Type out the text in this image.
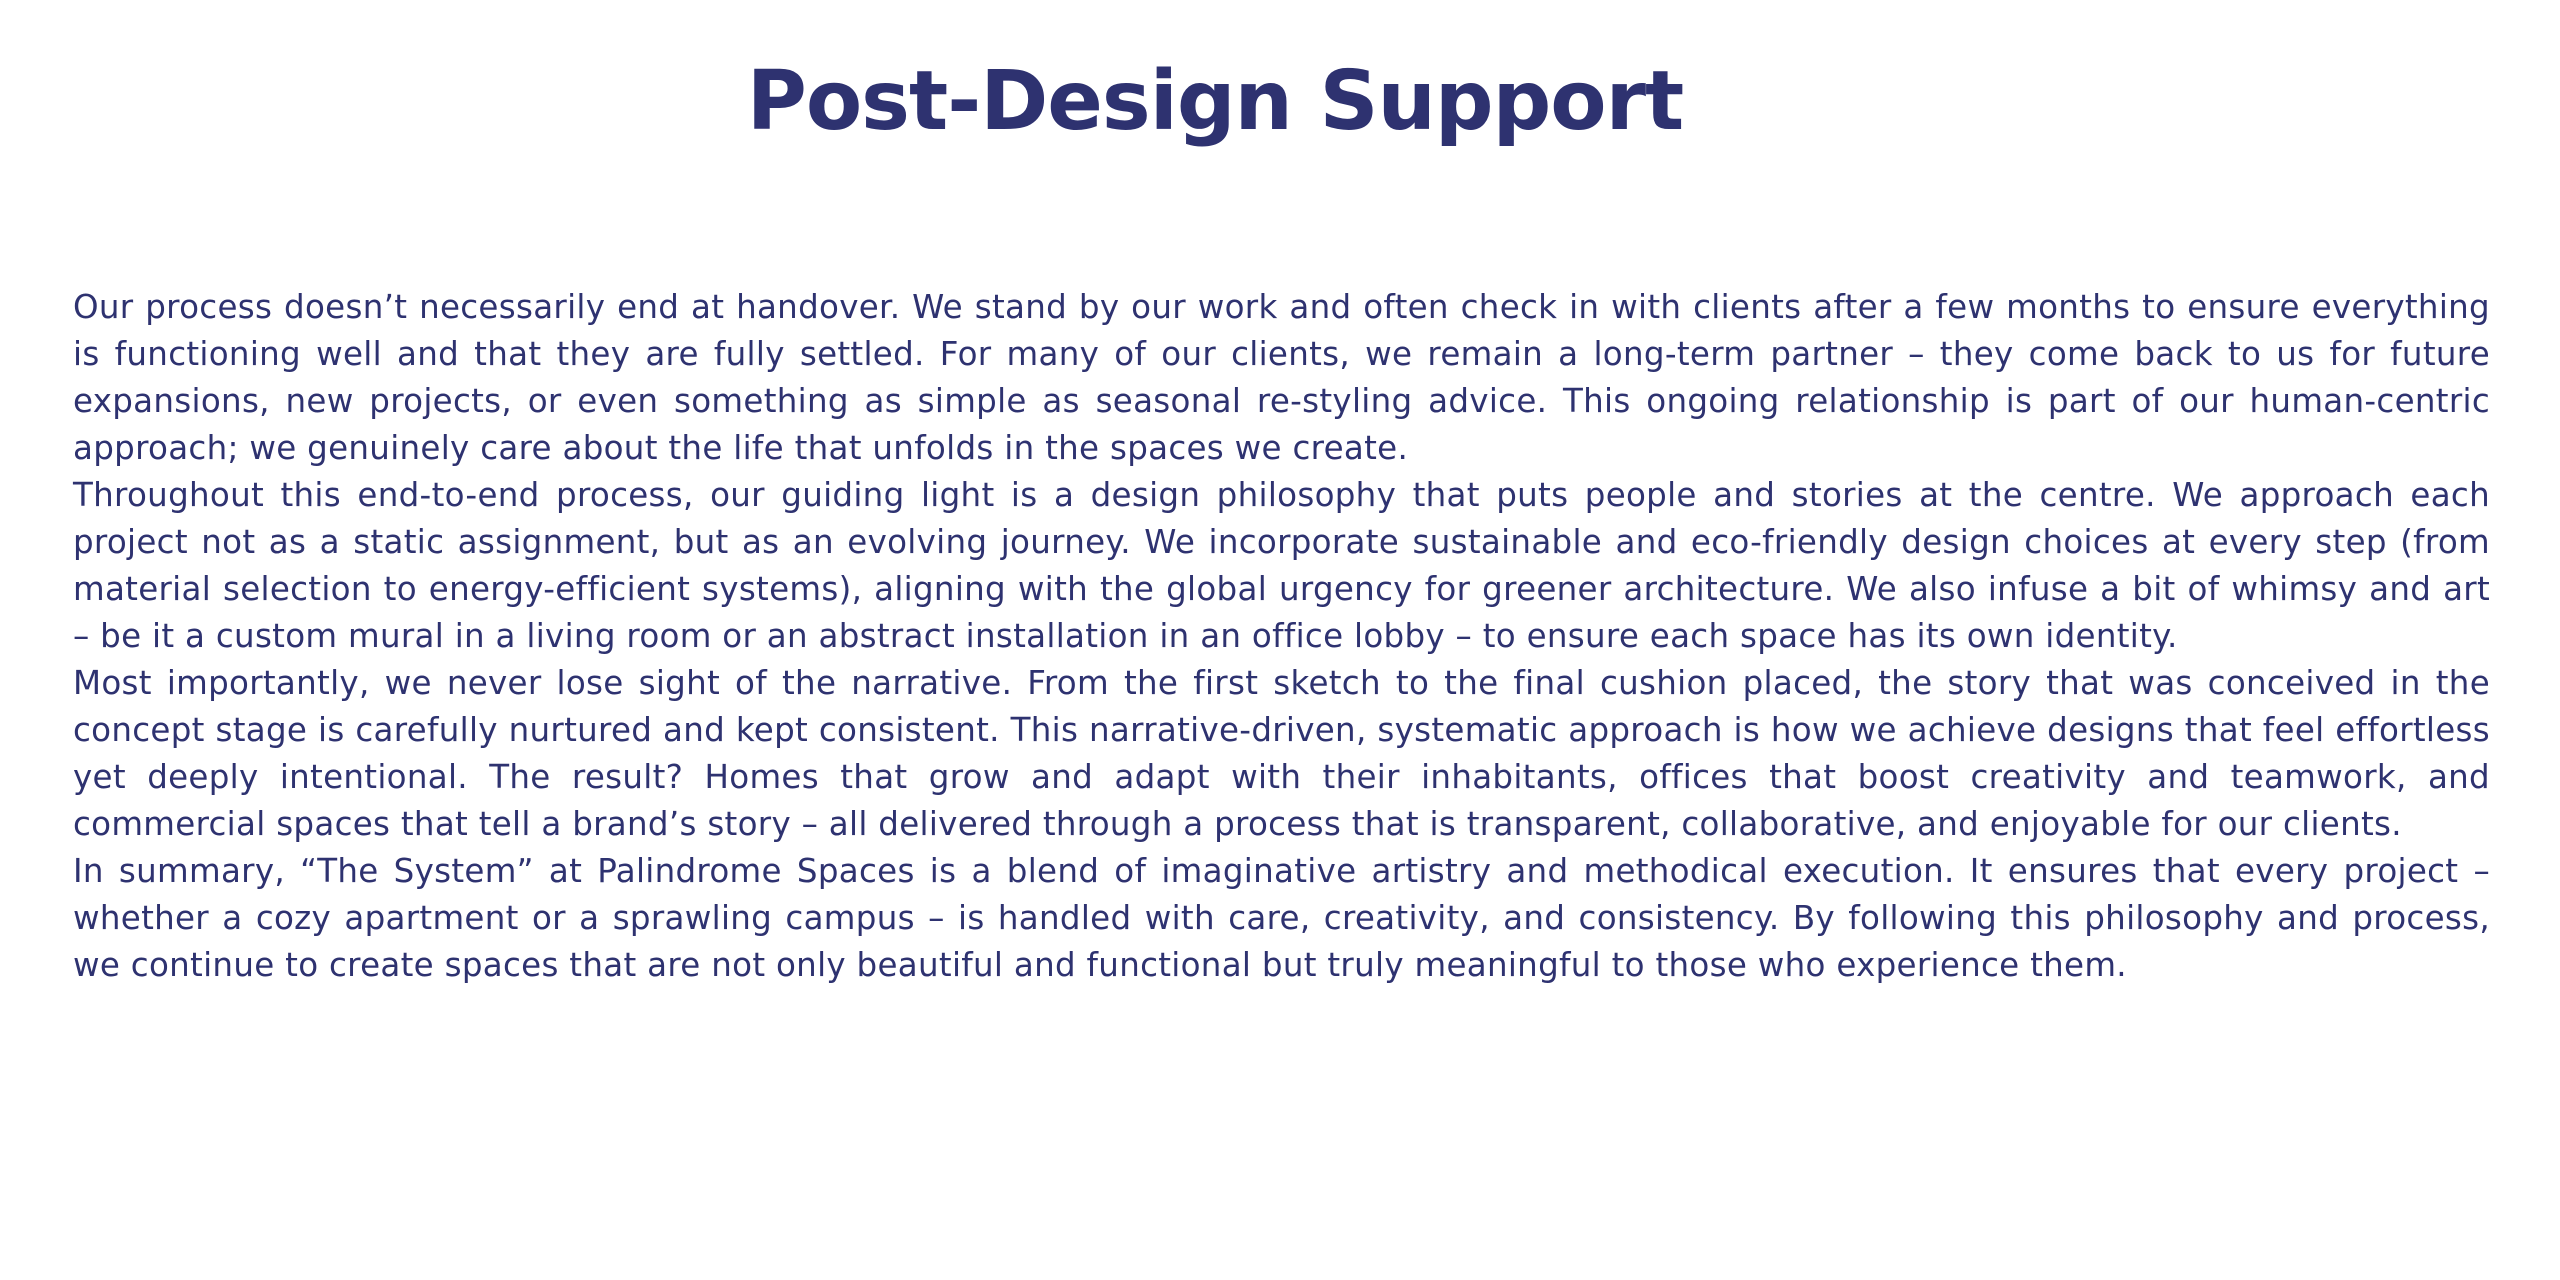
Post-Design Support

Our process doesn’t necessarily end at handover. We stand by our work and often check in with clients after a few months to ensure everything is functioning well and that they are fully settled. For many of our clients, we remain a long-term partner – they come back to us for future expansions, new projects, or even something as simple as seasonal re-styling advice. This ongoing relationship is part of our human-centric approach; we genuinely care about the life that unfolds in the spaces we create.

Throughout this end-to-end process, our guiding light is a design philosophy that puts people and stories at the centre. We approach each project not as a static assignment, but as an evolving journey. We incorporate sustainable and eco-friendly design choices at every step (from material selection to energy-efficient systems), aligning with the global urgency for greener architecture. We also infuse a bit of whimsy and art – be it a custom mural in a living room or an abstract installation in an office lobby – to ensure each space has its own identity.

Most importantly, we never lose sight of the narrative. From the first sketch to the final cushion placed, the story that was conceived in the concept stage is carefully nurtured and kept consistent. This narrative-driven, systematic approach is how we achieve designs that feel effortless yet deeply intentional. The result? Homes that grow and adapt with their inhabitants, offices that boost creativity and teamwork, and commercial spaces that tell a brand’s story – all delivered through a process that is transparent, collaborative, and enjoyable for our clients.

In summary, “The System” at Palindrome Spaces is a blend of imaginative artistry and methodical execution. It ensures that every project – whether a cozy apartment or a sprawling campus – is handled with care, creativity, and consistency. By following this philosophy and process, we continue to create spaces that are not only beautiful and functional but truly meaningful to those who experience them.
